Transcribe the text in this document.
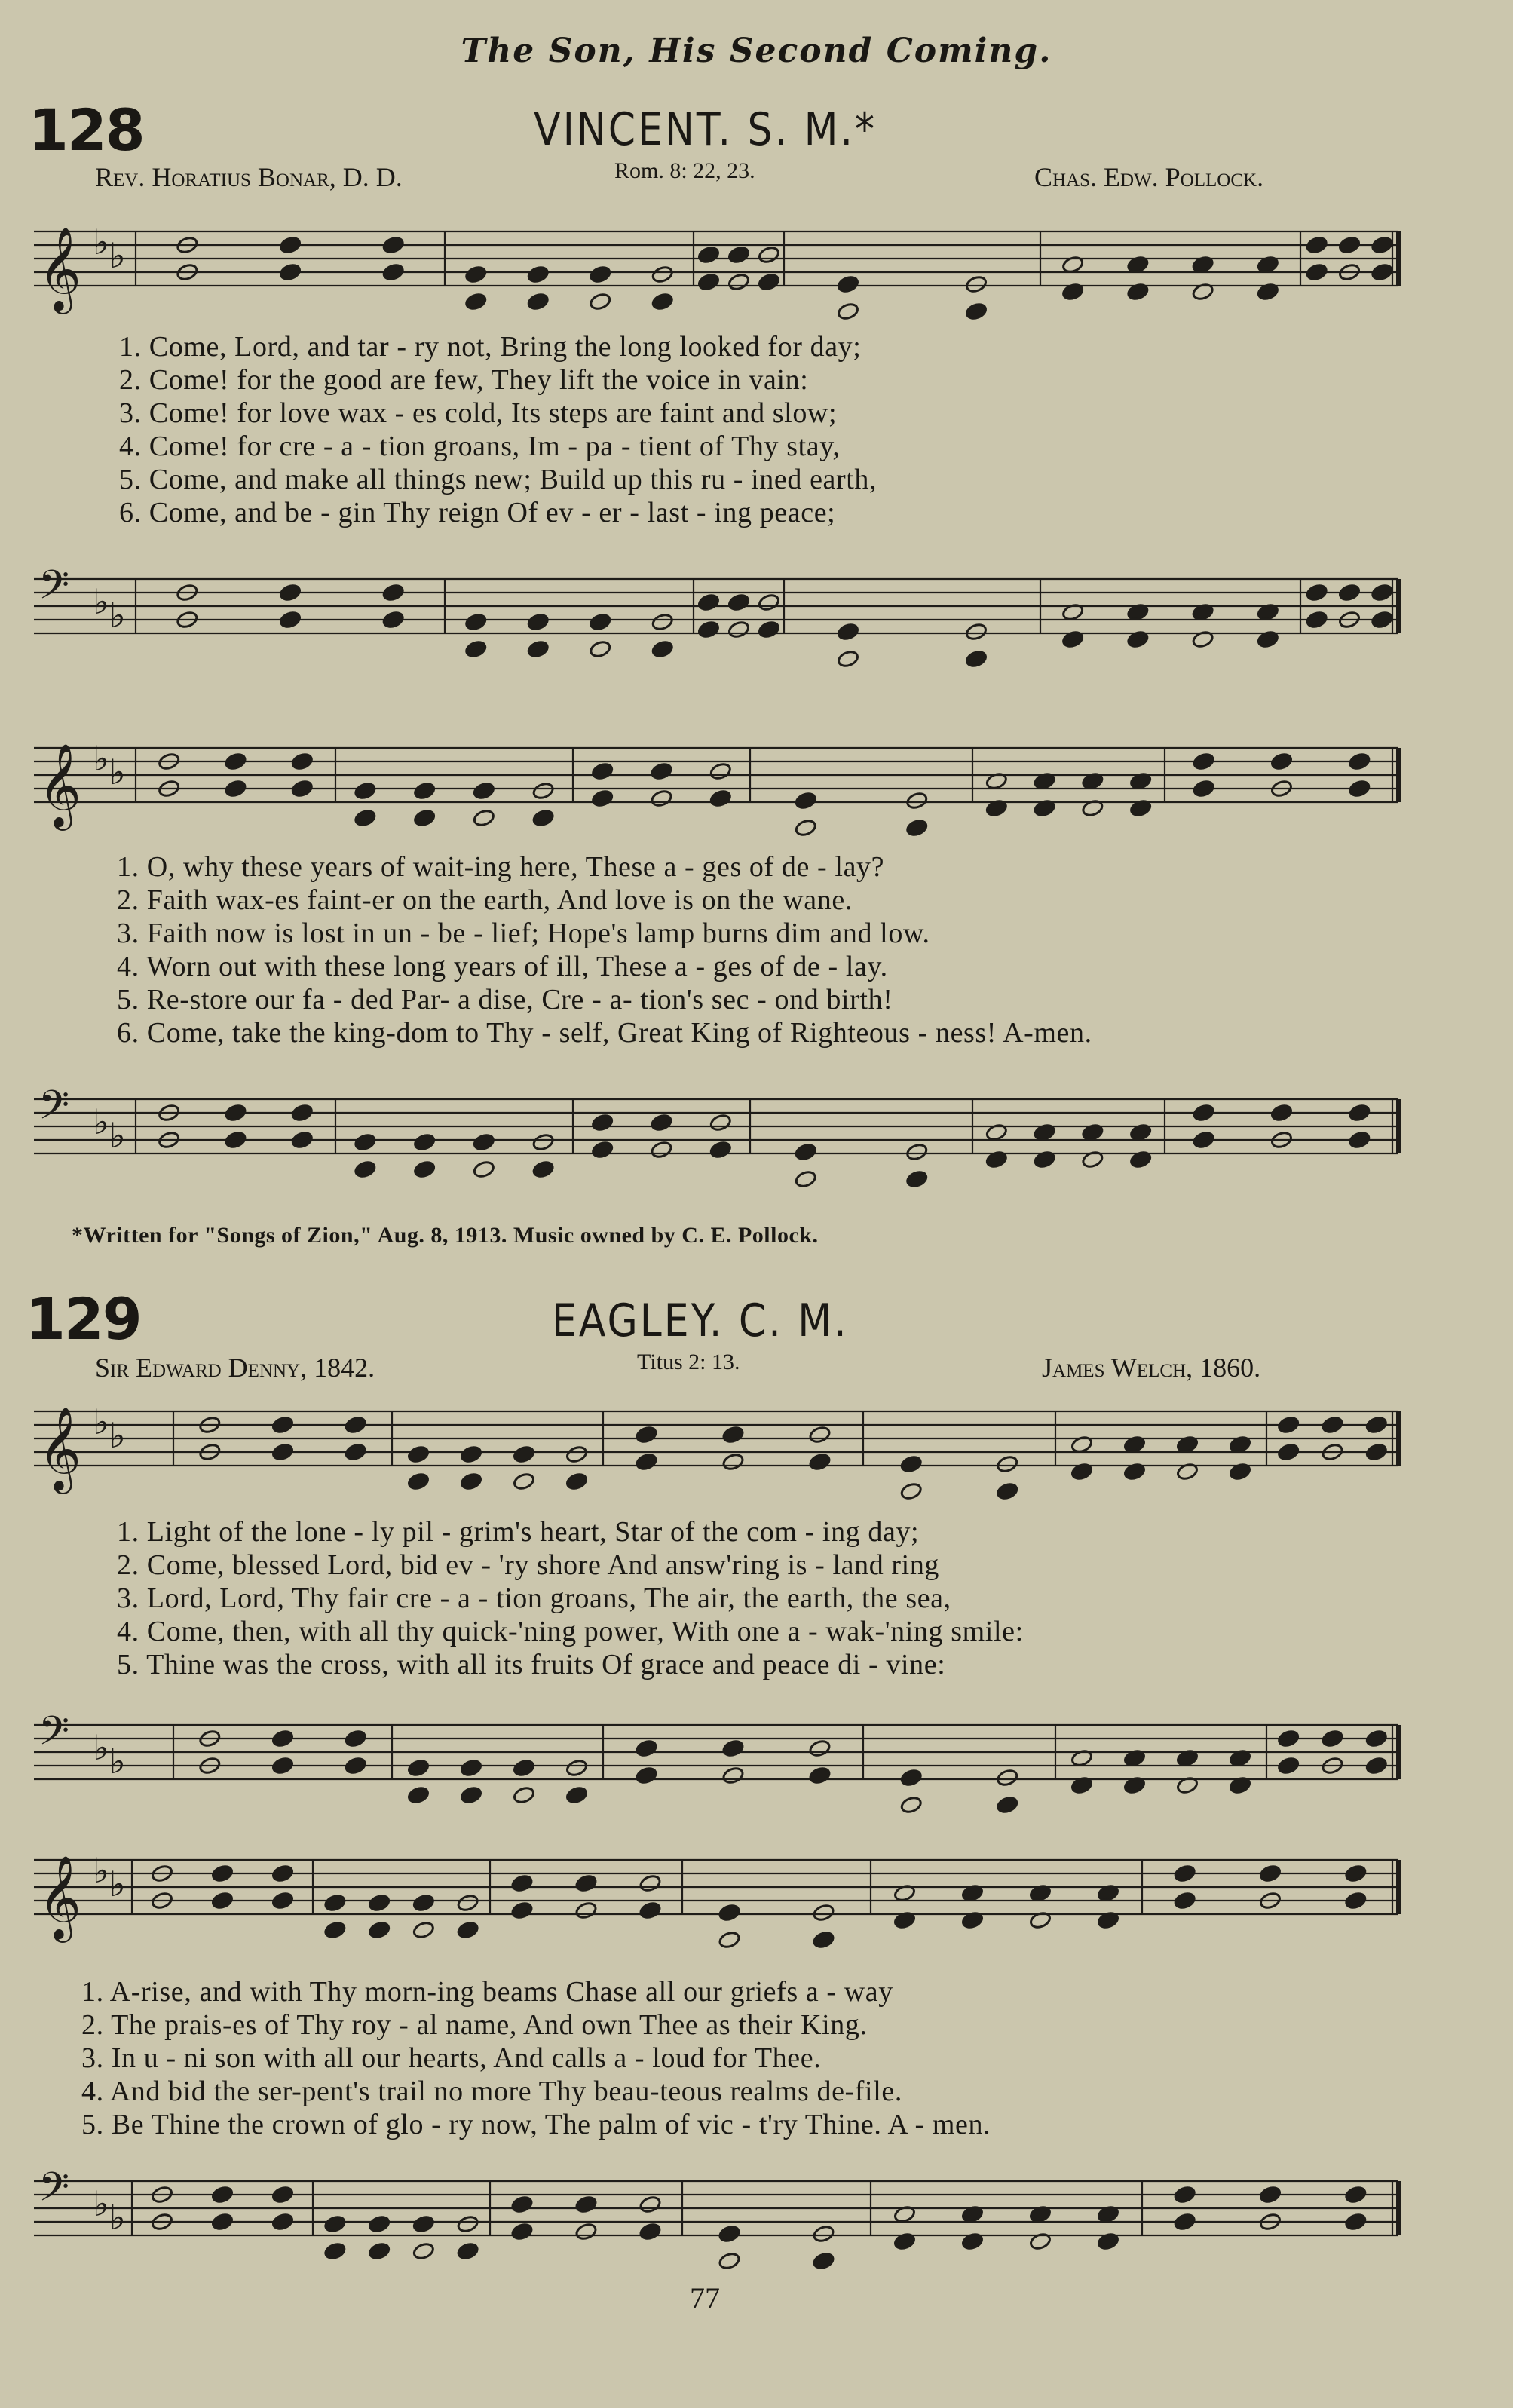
The Son, His Second Coming.
128	VINCENT. S. M.*
Rev. Horatius Bonar, D. D.	Rom. 8: 22, 23.	Chas. Edw. Pollock.
𝄞 ♭ ♭
𝄢 ♭ ♭
𝄞 ♭ ♭
𝄢 ♭ ♭
1. Come, Lord, and tar - ry not, Bring the long looked for day;
2. Come! for the good are few, They lift the voice in vain:
3. Come! for love wax - es cold, Its steps are faint and slow;
4. Come! for cre - a - tion groans, Im - pa - tient of Thy stay,
5. Come, and make all things new; Build up this ru - ined earth,
6. Come, and be - gin Thy reign Of ev - er - last - ing peace;
1. O, why these years of wait-ing here, These a - ges of de - lay?
2. Faith wax-es faint-er on the earth, And love is on the wane.
3. Faith now is lost in un - be - lief; Hope's lamp burns dim and low.
4. Worn out with these long years of ill, These a - ges of de - lay.
5. Re-store our fa - ded Par- a dise, Cre - a- tion's sec - ond birth!
6. Come, take the king-dom to Thy - self, Great King of Righteous - ness! A-men.
*Written for "Songs of Zion," Aug. 8, 1913. Music owned by C. E. Pollock.
129	EAGLEY. C. M.
Sir Edward Denny, 1842.	Titus 2: 13.	James Welch, 1860.
𝄞 ♭ ♭
𝄢 ♭ ♭
𝄞 ♭ ♭
𝄢 ♭ ♭
1. Light of the lone - ly pil - grim's heart, Star of the com - ing day;
2. Come, blessed Lord, bid ev - 'ry shore And answ'ring is - land ring
3. Lord, Lord, Thy fair cre - a - tion groans, The air, the earth, the sea,
4. Come, then, with all thy quick-'ning power, With one a - wak-'ning smile:
5. Thine was the cross, with all its fruits Of grace and peace di - vine:
1. A-rise, and with Thy morn-ing beams Chase all our griefs a - way
2. The prais-es of Thy roy - al name, And own Thee as their King.
3. In u - ni son with all our hearts, And calls a - loud for Thee.
4. And bid the ser-pent's trail no more Thy beau-teous realms de-file.
5. Be Thine the crown of glo - ry now, The palm of vic - t'ry Thine. A - men.
77
